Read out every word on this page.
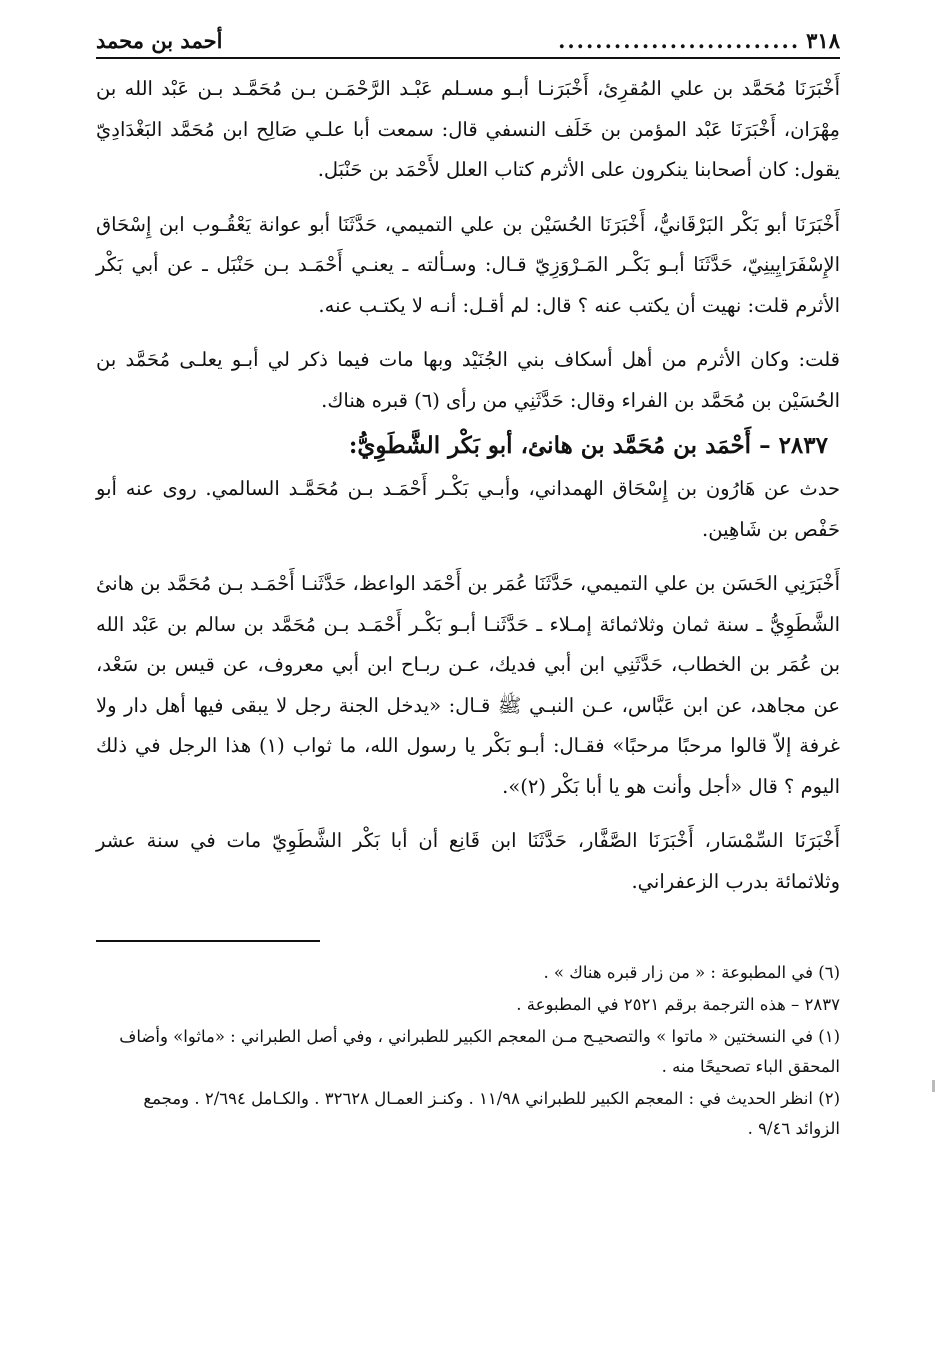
٣١٨
..........................
أحمد بن محمد

أَخْبَرَنَا مُحَمَّد بن علي المُقرِئ، أَخْبَرَنـا أبـو مسـلم عَبْـد الرَّحْمَـن بـن مُحَمَّـد بـن عَبْد الله بن مِهْرَان، أَخْبَرَنَا عَبْد المؤمن بن خَلَف النسفي قال: سمعت أبا علـي صَالِح ابن مُحَمَّد البَغْدَادِيّ يقول: كان أصحابنا ينكرون على الأثرم كتاب العلل لأَحْمَد بن حَنْبَل.

أَخْبَرَنَا أبو بَكْر البَرْقَانيُّ، أَخْبَرَنَا الحُسَيْن بن علي التميمي، حَدَّثَنَا أبو عوانة يَعْقُـوب ابن إِسْحَاق الإِسْفَرَايِينِيّ، حَدَّثَنَا أبـو بَكْـر المَـرْوَزِيّ قـال: وسـألته ـ يعنـي أَحْمَـد بـن حَنْبَل ـ عن أبي بَكْر الأثرم قلت: نهيت أن يكتب عنه ؟ قال: لم أقـل: أنـه لا يكتـب عنه.

قلت: وكان الأثرم من أهل أسكاف بني الجُنَيْد وبها مات فيما ذكر لي أبـو يعلـى مُحَمَّد بن الحُسَيْن بن مُحَمَّد بن الفراء وقال: حَدَّثَنِي من رأى (٦) قبره هناك.

٢٨٣٧ – أَحْمَد بن مُحَمَّد بن هانئ، أبو بَكْر الشَّطَوِيُّ:

حدث عن هَارُون بن إِسْحَاق الهمداني، وأبـي بَكْـر أَحْمَـد بـن مُحَمَّـد السالمي. روى عنه أبو حَفْص بن شَاهِين.

أَخْبَرَنِي الحَسَن بن علي التميمي، حَدَّثَنَا عُمَر بن أَحْمَد الواعظ، حَدَّثَنـا أَحْمَـد بـن مُحَمَّد بن هانئ الشَّطَوِيُّ ـ سنة ثمان وثلاثمائة إمـلاء ـ حَدَّثَنـا أبـو بَكْـر أَحْمَـد بـن مُحَمَّد بن سالم بن عَبْد الله بن عُمَر بن الخطاب، حَدَّثَنِي ابن أبي فديك، عـن ربـاح ابن أبي معروف، عن قيس بن سَعْد، عن مجاهد، عن ابن عَبَّاس، عـن النبـي ﷺ قـال: «يدخل الجنة رجل لا يبقى فيها أهل دار ولا غرفة إلاّ قالوا مرحبًا مرحبًا» فقـال: أبـو بَكْر يا رسول الله، ما ثواب (١) هذا الرجل في ذلك اليوم ؟ قال «أجل وأنت هو يا أبا بَكْر (٢)».

أَخْبَرَنَا السِّمْسَار، أَخْبَرَنَا الصَّفَّار، حَدَّثَنَا ابن قَانِع أن أبا بَكْر الشَّطَوِيّ مات في سنة عشر وثلاثمائة بدرب الزعفراني.

(٦) في المطبوعة : « من زار قبره هناك » .

٢٨٣٧ – هذه الترجمة برقم ٢٥٢١ في المطبوعة .

(١) في النسختين « ماتوا » والتصحيـح مـن المعجم الكبير للطبراني ، وفي أصل الطبراني : «ماثوا» وأضاف المحقق الباء تصحيحًا منه .

(٢) انظر الحديث في : المعجم الكبير للطبراني ١١/٩٨ . وكنـز العمـال ٣٢٦٢٨ . والكـامل ٢/٦٩٤ . ومجمع الزوائد ٩/٤٦ .
